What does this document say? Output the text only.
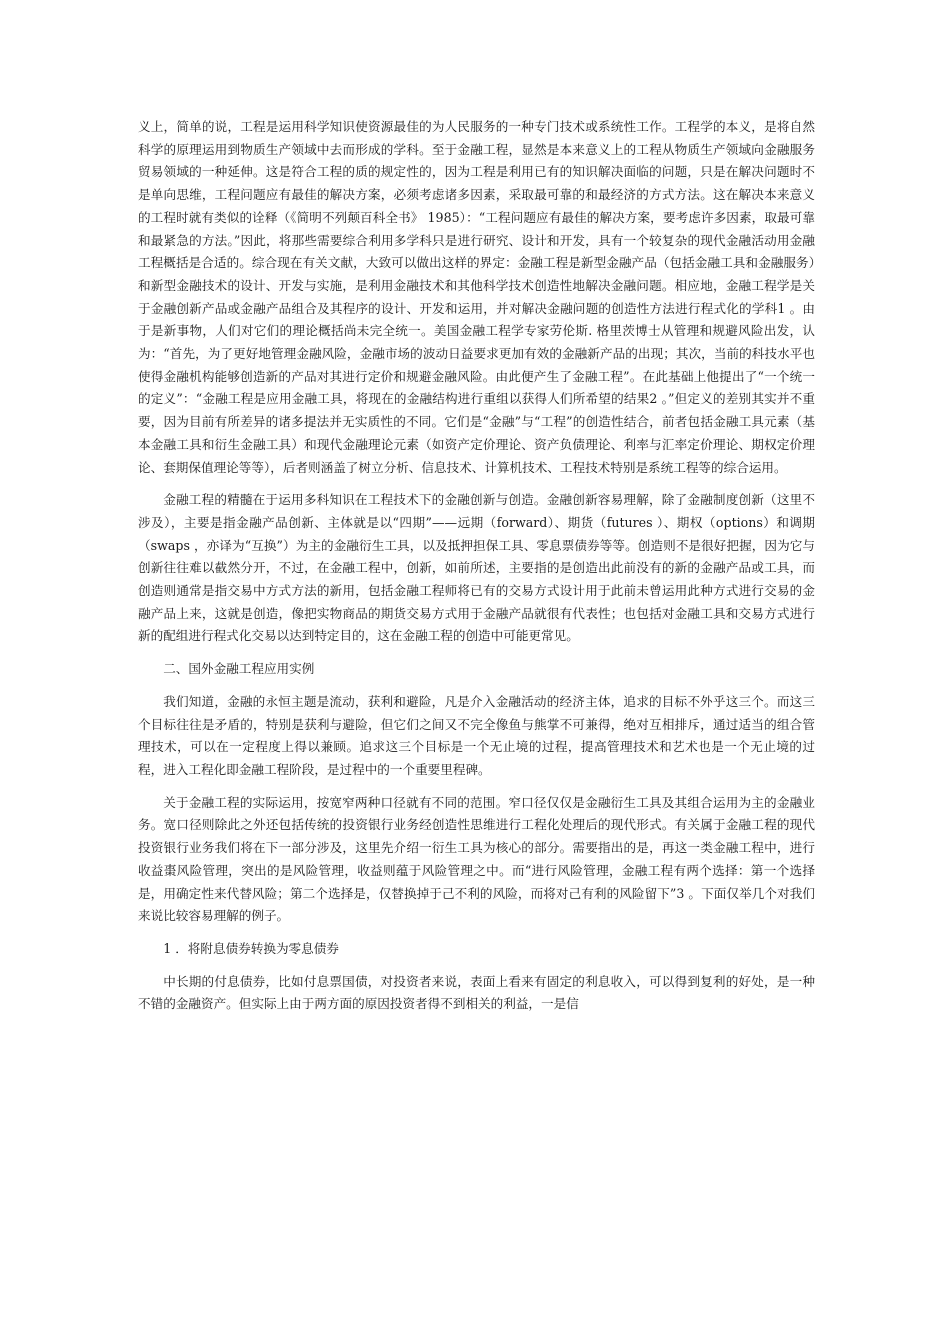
义上，简单的说，工程是运用科学知识使资源最佳的为人民服务的一种专门技术或系统性工作。工程学的本义，是将自然科学的原理运用到物质生产领域中去而形成的学科。至于金融工程，显然是本来意义上的工程从物质生产领域向金融服务贸易领域的一种延伸。这是符合工程的质的规定性的，因为工程是利用已有的知识解决面临的问题，只是在解决问题时不是单向思维，工程问题应有最佳的解决方案，必须考虑诸多因素，采取最可靠的和最经济的方式方法。这在解决本来意义的工程时就有类似的诠释（《简明不列颠百科全书》 1985）：“工程问题应有最佳的解决方案，要考虑许多因素，取最可靠和最紧急的方法。”因此，将那些需要综合利用多学科只是进行研究、设计和开发，具有一个较复杂的现代金融活动用金融工程概括是合适的。综合现在有关文献，大致可以做出这样的界定：金融工程是新型金融产品（包括金融工具和金融服务）和新型金融技术的设计、开发与实施，是利用金融技术和其他科学技术创造性地解决金融问题。相应地，金融工程学是关于金融创新产品或金融产品组合及其程序的设计、开发和运用，并对解决金融问题的创造性方法进行程式化的学科1 。由于是新事物，人们对它们的理论概括尚未完全统一。美国金融工程学专家劳伦斯. 格里茨博士从管理和规避风险出发，认为：“首先，为了更好地管理金融风险，金融市场的波动日益要求更加有效的金融新产品的出现；其次，当前的科技水平也使得金融机构能够创造新的产品对其进行定价和规避金融风险。由此便产生了金融工程”。在此基础上他提出了“一个统一的定义”：“金融工程是应用金融工具，将现在的金融结构进行重组以获得人们所希望的结果2 。”但定义的差别其实并不重要，因为目前有所差异的诸多提法并无实质性的不同。它们是“金融”与“工程”的创造性结合，前者包括金融工具元素（基本金融工具和衍生金融工具）和现代金融理论元素（如资产定价理论、资产负债理论、利率与汇率定价理论、期权定价理论、套期保值理论等等），后者则涵盖了树立分析、信息技术、计算机技术、工程技术特别是系统工程等的综合运用。

金融工程的精髓在于运用多科知识在工程技术下的金融创新与创造。金融创新容易理解，除了金融制度创新（这里不涉及），主要是指金融产品创新、主体就是以“四期”——远期（forward）、期货（futures ）、期权（options）和调期（swaps ，亦译为“互换”）为主的金融衍生工具，以及抵押担保工具、零息票债券等等。创造则不是很好把握，因为它与创新往往难以截然分开，不过，在金融工程中，创新，如前所述，主要指的是创造出此前没有的新的金融产品或工具，而创造则通常是指交易中方式方法的新用，包括金融工程师将已有的交易方式设计用于此前未曾运用此种方式进行交易的金融产品上来，这就是创造，像把实物商品的期货交易方式用于金融产品就很有代表性；也包括对金融工具和交易方式进行新的配组进行程式化交易以达到特定目的，这在金融工程的创造中可能更常见。

二、国外金融工程应用实例

我们知道，金融的永恒主题是流动，获利和避险，凡是介入金融活动的经济主体，追求的目标不外乎这三个。而这三个目标往往是矛盾的，特别是获利与避险，但它们之间又不完全像鱼与熊掌不可兼得，绝对互相排斥，通过适当的组合管理技术，可以在一定程度上得以兼顾。追求这三个目标是一个无止境的过程，提高管理技术和艺术也是一个无止境的过程，进入工程化即金融工程阶段，是过程中的一个重要里程碑。

关于金融工程的实际运用，按宽窄两种口径就有不同的范围。窄口径仅仅是金融衍生工具及其组合运用为主的金融业务。宽口径则除此之外还包括传统的投资银行业务经创造性思维进行工程化处理后的现代形式。有关属于金融工程的现代投资银行业务我们将在下一部分涉及，这里先介绍一衍生工具为核心的部分。需要指出的是，再这一类金融工程中，进行收益棗风险管理，突出的是风险管理，收益则蕴于风险管理之中。而“进行风险管理，金融工程有两个选择：第一个选择是，用确定性来代替风险；第二个选择是，仅替换掉于己不利的风险，而将对己有利的风险留下”3 。下面仅举几个对我们来说比较容易理解的例子。

1 ．将附息债券转换为零息债券

中长期的付息债券，比如付息票国债，对投资者来说，表面上看来有固定的利息收入，可以得到复利的好处，是一种不错的金融资产。但实际上由于两方面的原因投资者得不到相关的利益，一是信
